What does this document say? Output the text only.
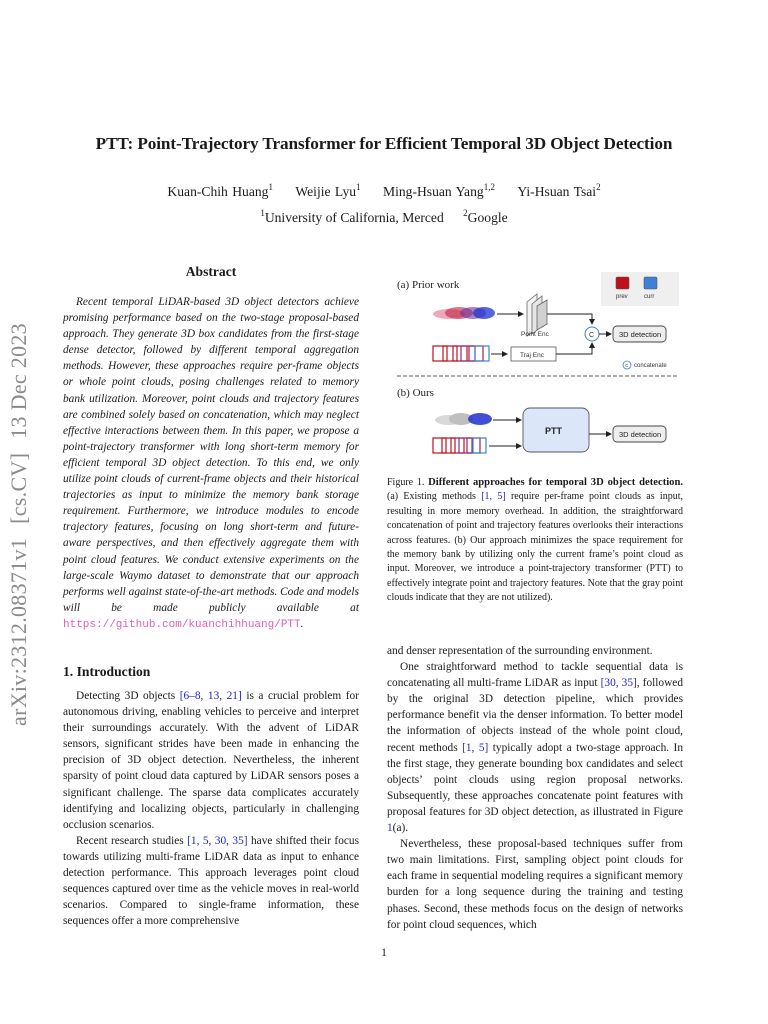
arXiv:2312.08371v1[cs.CV]13 Dec 2023
PTT: Point-Trajectory Transformer for Efficient Temporal 3D Object Detection
Kuan-Chih Huang$^1$ Weijie Lyu$^1$ Ming-Hsuan Yang$^{1,2}$ Yi-Hsuan Tsai$^2$
$^1$University of California, Merced $^2$Google
Abstract

Recent temporal LiDAR-based 3D object detectors achieve promising performance based on the two-stage proposal-based approach. They generate 3D box candidates from the first-stage dense detector, followed by different temporal aggregation methods. However, these approaches require per-frame objects or whole point clouds, posing challenges related to memory bank utilization. Moreover, point clouds and trajectory features are combined solely based on concatenation, which may neglect effective interactions between them. In this paper, we propose a point-trajectory transformer with long short-term memory for efficient temporal 3D object detection. To this end, we only utilize point clouds of current-frame objects and their historical trajectories as input to minimize the memory bank storage requirement. Furthermore, we introduce modules to encode trajectory features, focusing on long short-term and future-aware perspectives, and then effectively aggregate them with point cloud features. We conduct extensive experiments on the large-scale Waymo dataset to demonstrate that our approach performs well against state-of-the-art methods. Code and models will be made publicly available at https://github.com/kuanchihhuang/PTT.

1. Introduction

Detecting 3D objects [6–8, 13, 21] is a crucial problem for autonomous driving, enabling vehicles to perceive and interpret their surroundings accurately. With the advent of LiDAR sensors, significant strides have been made in enhancing the precision of 3D object detection. Nevertheless, the inherent sparsity of point cloud data captured by LiDAR sensors poses a significant challenge. The sparse data complicates accurately identifying and localizing objects, particularly in challenging occlusion scenarios.

Recent research studies [1, 5, 30, 35] have shifted their focus towards utilizing multi-frame LiDAR data as input to enhance detection performance. This approach leverages point cloud sequences captured over time as the vehicle moves in real-world scenarios. Compared to single-frame information, these sequences offer a more comprehensive

(a) Prior work
prev	curr
Point Enc
Traj Enc
C	3D detection
C concatenate
(b) Ours
PTT	3D detection

Figure 1. Different approaches for temporal 3D object detection. (a) Existing methods [1, 5] require per-frame point clouds as input, resulting in more memory overhead. In addition, the straightforward concatenation of point and trajectory features overlooks their interactions across features. (b) Our approach minimizes the space requirement for the memory bank by utilizing only the current frame’s point cloud as input. Moreover, we introduce a point-trajectory transformer (PTT) to effectively integrate point and trajectory features. Note that the gray point clouds indicate that they are not utilized).

and denser representation of the surrounding environment.

One straightforward method to tackle sequential data is concatenating all multi-frame LiDAR as input [30, 35], followed by the original 3D detection pipeline, which provides performance benefit via the denser information. To better model the information of objects instead of the whole point cloud, recent methods [1, 5] typically adopt a two-stage approach. In the first stage, they generate bounding box candidates and select objects’ point clouds using region proposal networks. Subsequently, these approaches concatenate point features with proposal features for 3D object detection, as illustrated in Figure 1(a).

Nevertheless, these proposal-based techniques suffer from two main limitations. First, sampling object point clouds for each frame in sequential modeling requires a significant memory burden for a long sequence during the training and testing phases. Second, these methods focus on the design of networks for point cloud sequences, which

1
